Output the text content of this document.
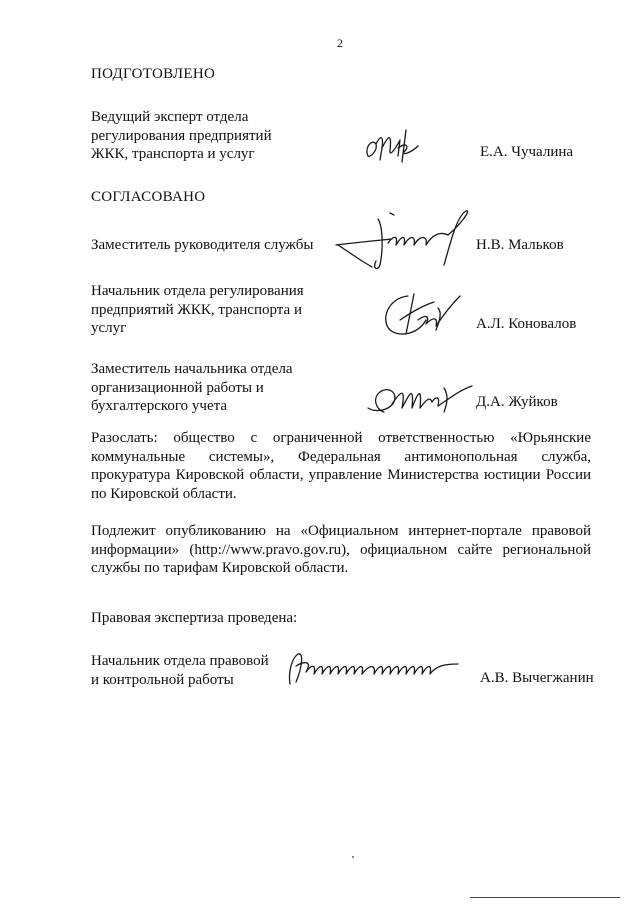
2
ПОДГОТОВЛЕНО
Ведущий эксперт отдела
регулирования предприятий
ЖКК, транспорта и услуг	Е.А. Чучалина
СОГЛАСОВАНО
Заместитель руководителя службы	Н.В. Мальков
Начальник отдела регулирования
предприятий ЖКК, транспорта и
услуг	А.Л. Коновалов
Заместитель начальника отдела
организационной работы и
бухгалтерского учета	Д.А. Жуйков
Разослать: общество с ограниченной ответственностью «Юрьянские
коммунальные системы», Федеральная антимонопольная служба,
прокуратура Кировской области, управление Министерства юстиции России
по Кировской области.
Подлежит опубликованию на «Официальном интернет-портале правовой
информации» (http://www.pravo.gov.ru), официальном сайте региональной
службы по тарифам Кировской области.
Правовая экспертиза проведена:
Начальник отдела правовой
и контрольной работы	А.В. Вычегжанин
